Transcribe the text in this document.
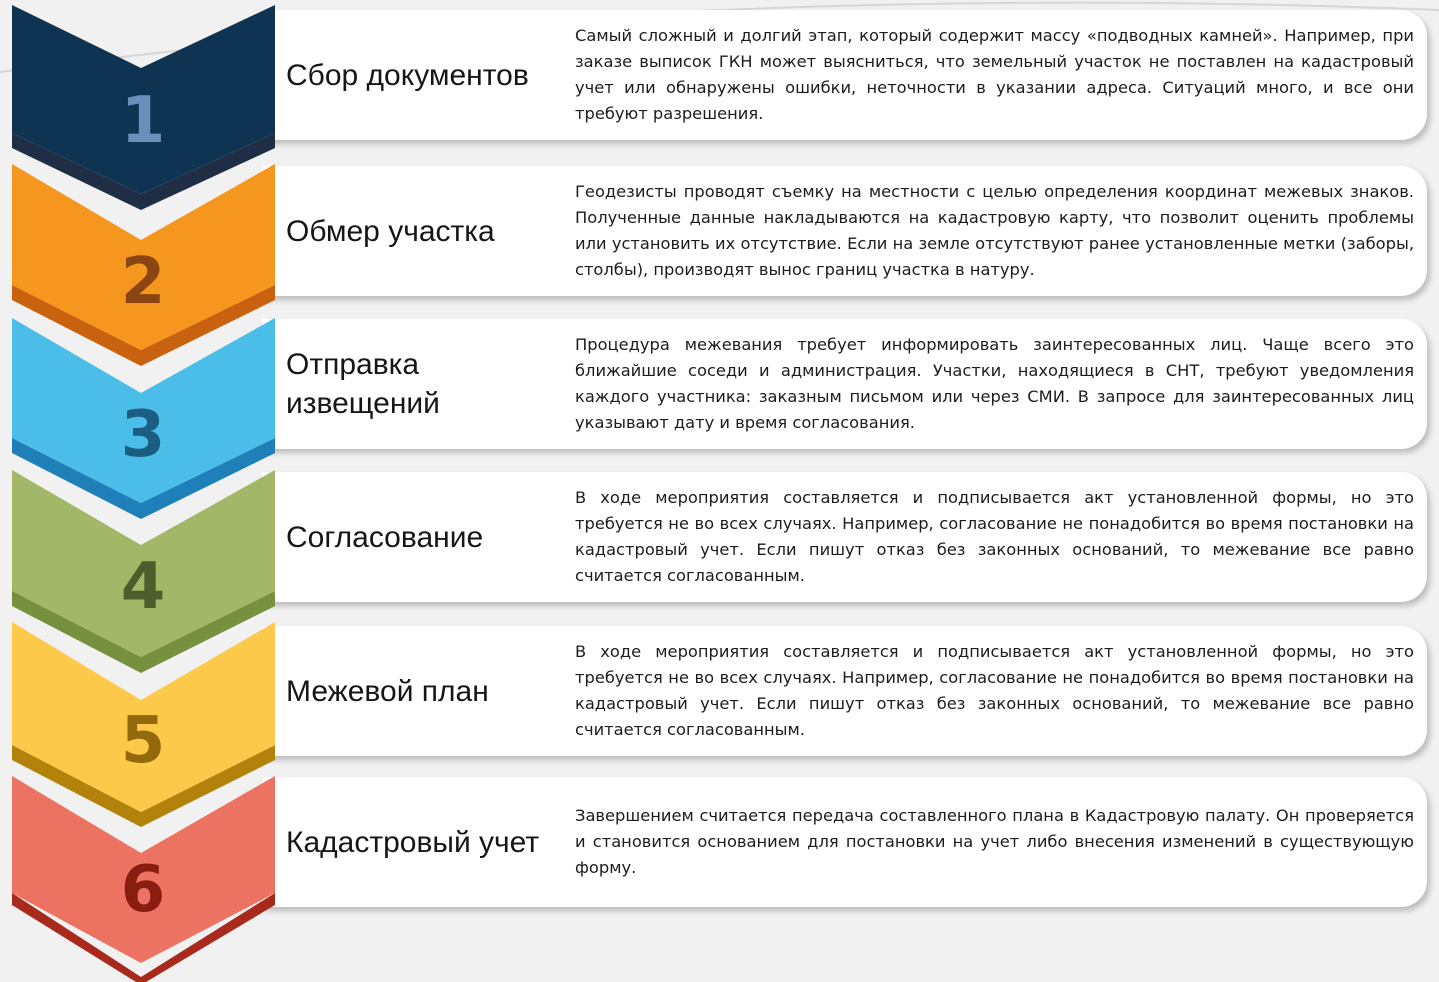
Сбор документов
Самый сложный и долгий этап, который содержит массу «подводных камней». Например, при заказе выписок ГКН может выясниться, что земельный участок не поставлен на кадастровый учет или обнаружены ошибки, неточности в указании адреса. Ситуаций много, и все они требуют разрешения.
Обмер участка
Геодезисты проводят съемку на местности с целью определения координат межевых знаков. Полученные данные накладываются на кадастровую карту, что позволит оценить проблемы или установить их отсутствие. Если на земле отсутствуют ранее установленные метки (заборы, столбы), производят вынос границ участка в натуру.
Отправка извещений
Процедура межевания требует информировать заинтересованных лиц. Чаще всего это ближайшие соседи и администрация. Участки, находящиеся в СНТ, требуют уведомления каждого участника: заказным письмом или через СМИ. В запросе для заинтересованных лиц указывают дату и время согласования.
Согласование
В ходе мероприятия составляется и подписывается акт установленной формы, но это требуется не во всех случаях. Например, согласование не понадобится во время постановки на кадастровый учет. Если пишут отказ без законных оснований, то межевание все равно считается согласованным.
Межевой план
В ходе мероприятия составляется и подписывается акт установленной формы, но это требуется не во всех случаях. Например, согласование не понадобится во время постановки на кадастровый учет. Если пишут отказ без законных оснований, то межевание все равно считается согласованным.
Кадастровый учет
Завершением считается передача составленного плана в Кадастровую палату. Он проверяется и становится основанием для постановки на учет либо внесения изменений в существующую форму.
6
5
4
3
2
1
